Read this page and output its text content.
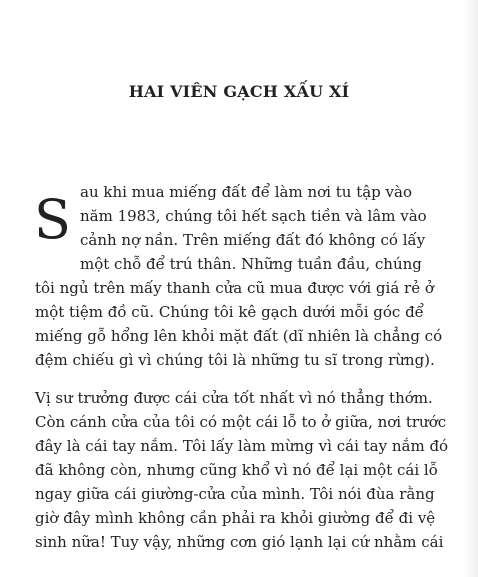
HAI VIÊN GẠCH XẤU XÍ

S au khi mua miếng đất để làm nơi tu tập vào
năm 1983, chúng tôi hết sạch tiền và lâm vào
cảnh nợ nần. Trên miếng đất đó không có lấy
một chỗ để trú thân. Những tuần đầu, chúng
tôi ngủ trên mấy thanh cửa cũ mua được với giá rẻ ở
một tiệm đồ cũ. Chúng tôi kê gạch dưới mỗi góc để
miếng gỗ hổng lên khỏi mặt đất (dĩ nhiên là chẳng có
đệm chiếu gì vì chúng tôi là những tu sĩ trong rừng).

Vị sư trưởng được cái cửa tốt nhất vì nó thẳng thớm.
Còn cánh cửa của tôi có một cái lỗ to ở giữa, nơi trước
đây là cái tay nắm. Tôi lấy làm mừng vì cái tay nắm đó
đã không còn, nhưng cũng khổ vì nó để lại một cái lỗ
ngay giữa cái giường-cửa của mình. Tôi nói đùa rằng
giờ đây mình không cần phải ra khỏi giường để đi vệ
sinh nữa! Tuy vậy, những cơn gió lạnh lại cứ nhằm cái
